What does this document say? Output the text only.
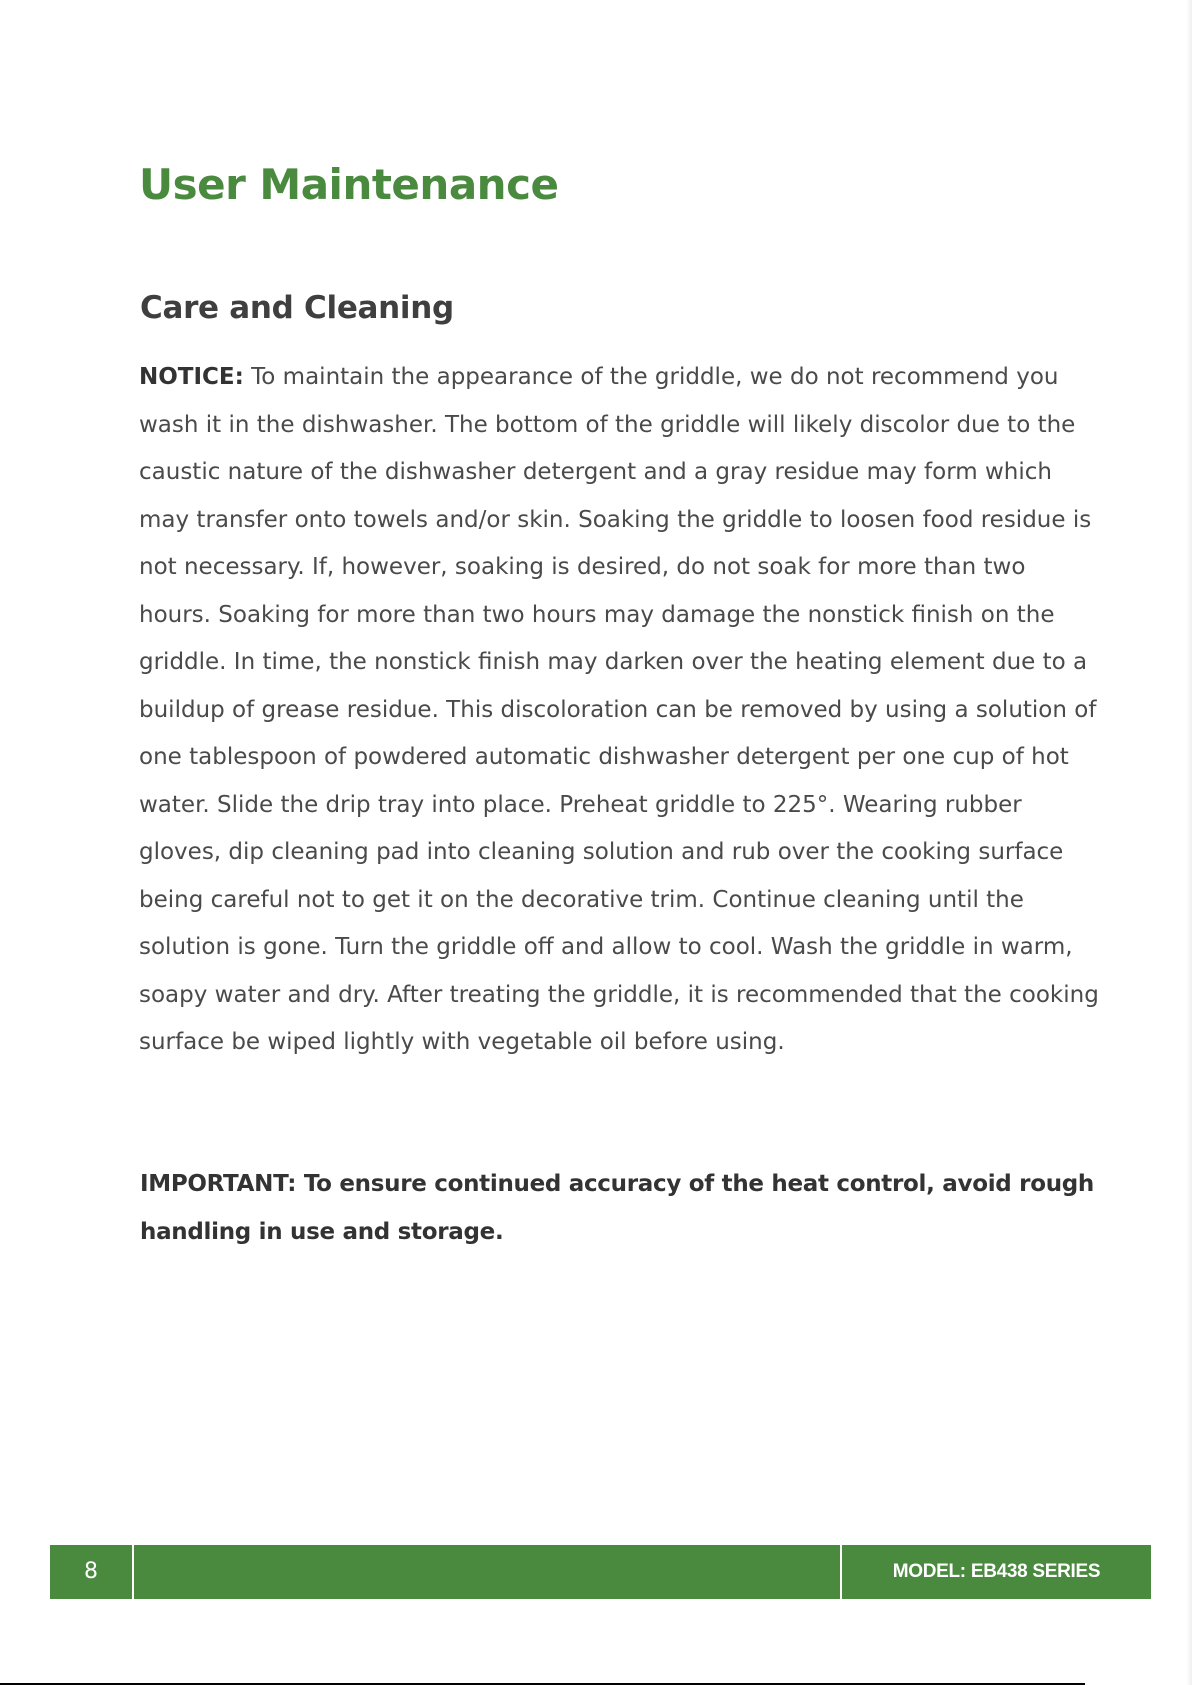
User Maintenance
Care and Cleaning

NOTICE: To maintain the appearance of the griddle, we do not recommend you wash it in the dishwasher. The bottom of the griddle will likely discolor due to the caustic nature of the dishwasher detergent and a gray residue may form which may transfer onto towels and/or skin. Soaking the griddle to loosen food residue is not necessary. If, however, soaking is desired, do not soak for more than two hours. Soaking for more than two hours may damage the nonstick finish on the griddle. In time, the nonstick finish may darken over the heating element due to a buildup of grease residue. This discoloration can be removed by using a solution of one tablespoon of powdered automatic dishwasher detergent per one cup of hot water. Slide the drip tray into place. Preheat griddle to 225°. Wearing rubber gloves, dip cleaning pad into cleaning solution and rub over the cooking surface being careful not to get it on the decorative trim. Continue cleaning until the solution is gone. Turn the griddle off and allow to cool. Wash the griddle in warm, soapy water and dry. After treating the griddle, it is recommended that the cooking surface be wiped lightly with vegetable oil before using.

IMPORTANT: To ensure continued accuracy of the heat control, avoid rough handling in use and storage.

8	MODEL: EB438 SERIES
